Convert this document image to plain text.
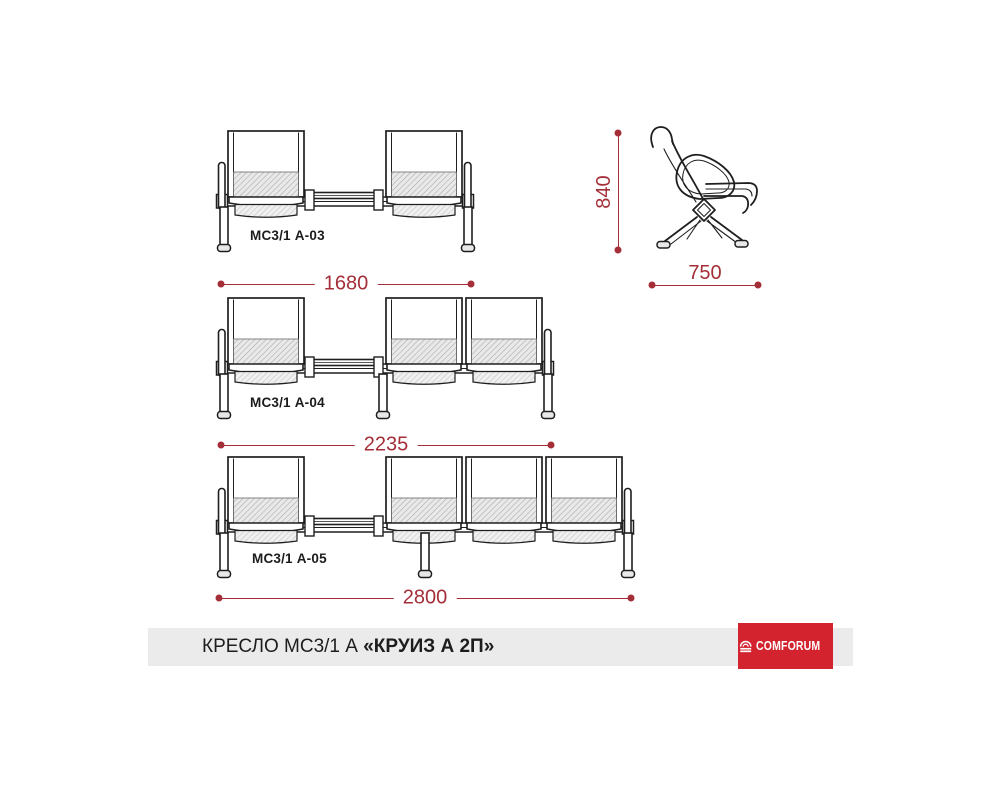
1680
2235
2800
750
840
МС3/1 А-03
МС3/1 А-04
МС3/1 А-05
КРЕСЛО МС3/1 А «КРУИЗ А 2П»	COMFORUM
